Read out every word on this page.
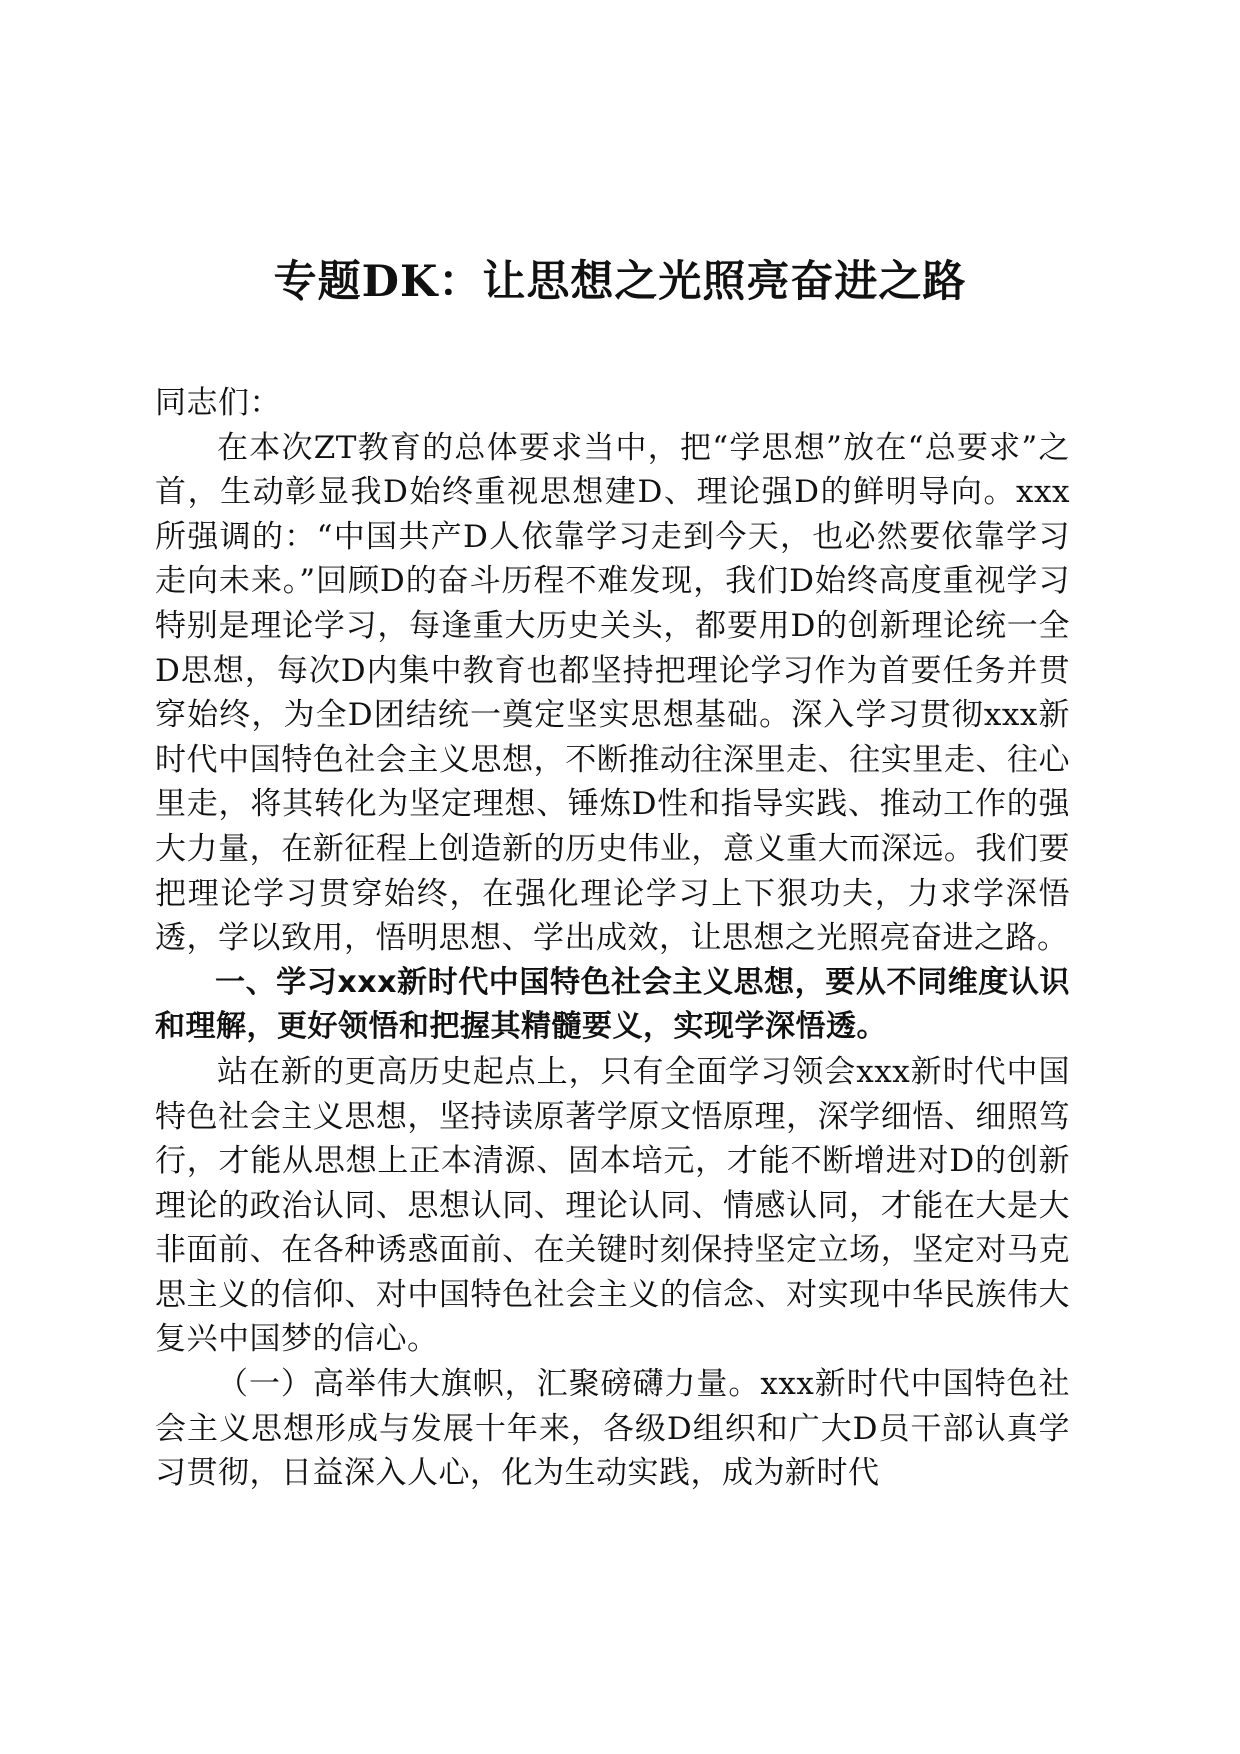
专题DK：让思想之光照亮奋进之路

同志们：

在本次ZT教育的总体要求当中，把“学思想”放在“总要求”之首，生动彰显我D始终重视思想建D、理论强D的鲜明导向。xxx所强调的：“中国共产D人依靠学习走到今天，也必然要依靠学习走向未来。”回顾D的奋斗历程不难发现，我们D始终高度重视学习特别是理论学习，每逢重大历史关头，都要用D的创新理论统一全D思想，每次D内集中教育也都坚持把理论学习作为首要任务并贯穿始终，为全D团结统一奠定坚实思想基础。深入学习贯彻xxx新时代中国特色社会主义思想，不断推动往深里走、往实里走、往心里走，将其转化为坚定理想、锤炼D性和指导实践、推动工作的强大力量，在新征程上创造新的历史伟业，意义重大而深远。我们要把理论学习贯穿始终，在强化理论学习上下狠功夫，力求学深悟透，学以致用，悟明思想、学出成效，让思想之光照亮奋进之路。

一、学习xxx新时代中国特色社会主义思想，要从不同维度认识和理解，更好领悟和把握其精髓要义，实现学深悟透。

站在新的更高历史起点上，只有全面学习领会xxx新时代中国特色社会主义思想，坚持读原著学原文悟原理，深学细悟、细照笃行，才能从思想上正本清源、固本培元，才能不断增进对D的创新理论的政治认同、思想认同、理论认同、情感认同，才能在大是大非面前、在各种诱惑面前、在关键时刻保持坚定立场，坚定对马克思主义的信仰、对中国特色社会主义的信念、对实现中华民族伟大复兴中国梦的信心。

（一）高举伟大旗帜，汇聚磅礴力量。xxx新时代中国特色社会主义思想形成与发展十年来，各级D组织和广大D员干部认真学习贯彻，日益深入人心，化为生动实践，成为新时代
